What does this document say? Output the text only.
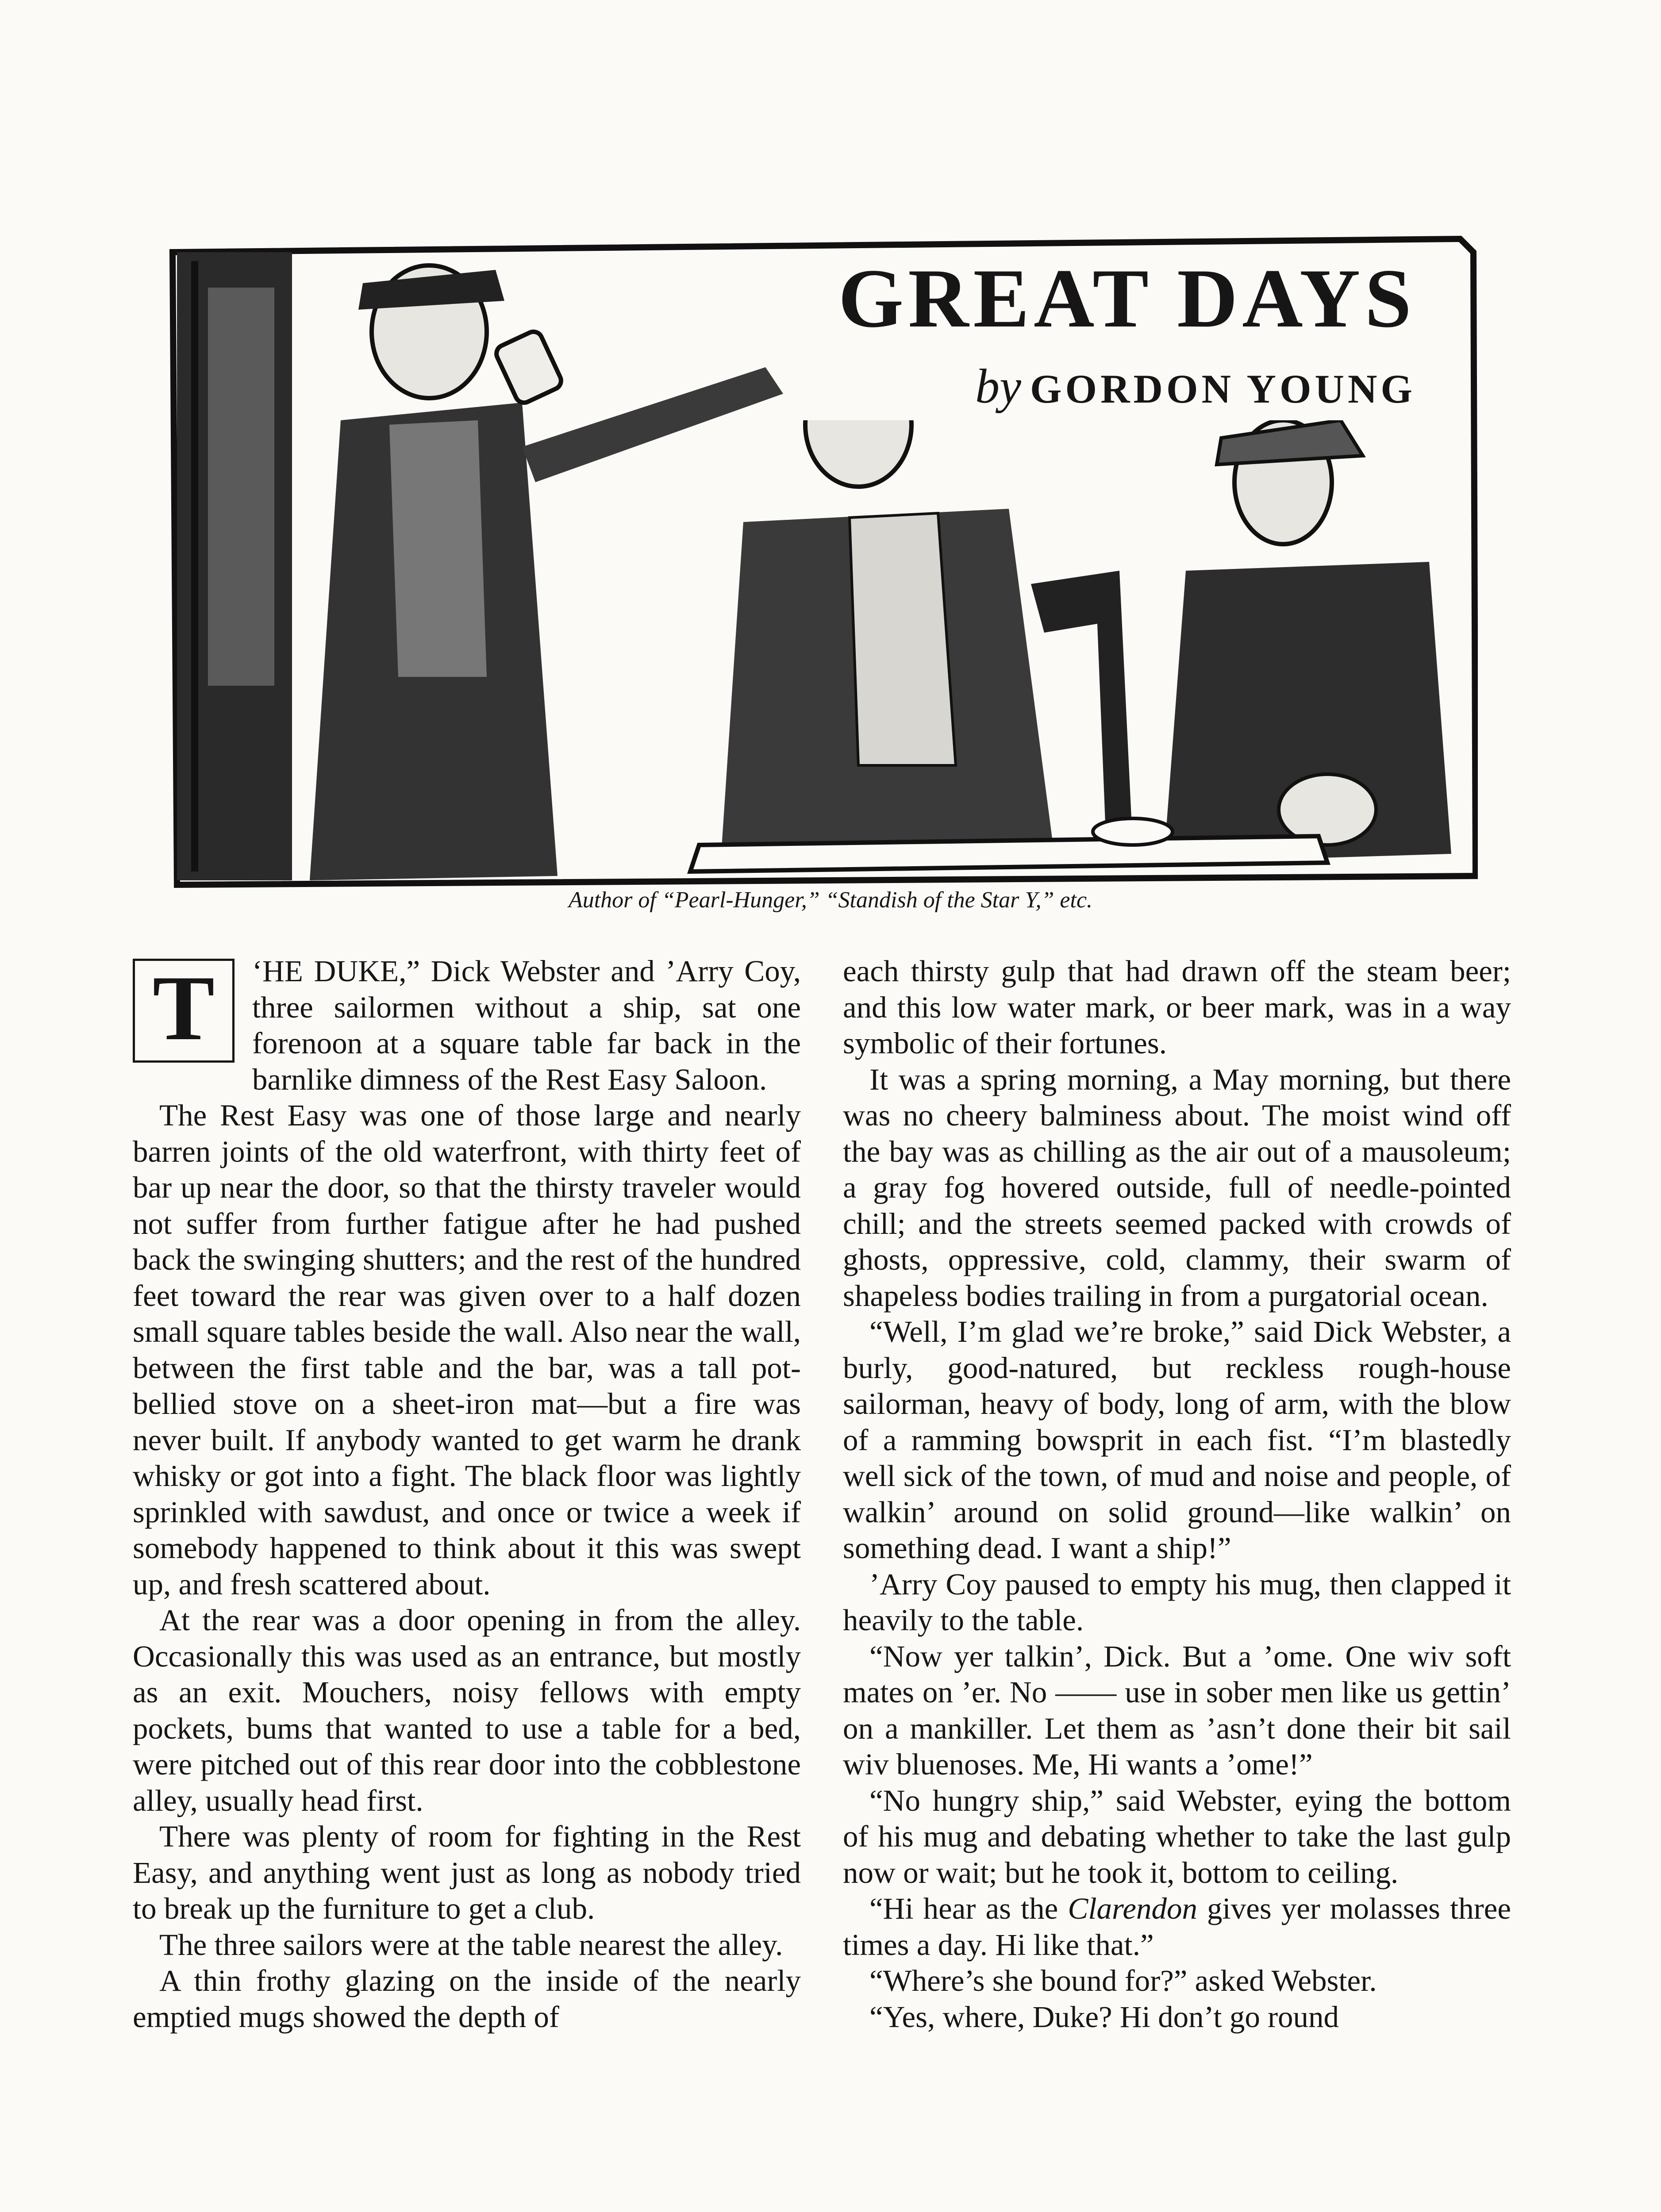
GREAT DAYS
by GORDON YOUNG
Author of “Pearl-Hunger,” “Standish of the Star Y,” etc.
T	‘HE DUKE,” Dick Webster and ’Arry Coy, three sailormen without a ship, sat one forenoon at a square table far back in the barnlike dimness of the Rest Easy Saloon.

The Rest Easy was one of those large and nearly barren joints of the old waterfront, with thirty feet of bar up near the door, so that the thirsty traveler would not suffer from further fatigue after he had pushed back the swinging shutters; and the rest of the hundred feet toward the rear was given over to a half dozen small square tables beside the wall. Also near the wall, between the first table and the bar, was a tall pot-bellied stove on a sheet-iron mat—but a fire was never built. If anybody wanted to get warm he drank whisky or got into a fight. The black floor was lightly sprinkled with sawdust, and once or twice a week if somebody happened to think about it this was swept up, and fresh scattered about.

At the rear was a door opening in from the alley. Occasionally this was used as an entrance, but mostly as an exit. Mouchers, noisy fellows with empty pockets, bums that wanted to use a table for a bed, were pitched out of this rear door into the cobblestone alley, usually head first.

There was plenty of room for fighting in the Rest Easy, and anything went just as long as nobody tried to break up the furniture to get a club.

The three sailors were at the table nearest the alley.

A thin frothy glazing on the inside of the nearly emptied mugs showed the depth of

each thirsty gulp that had drawn off the steam beer; and this low water mark, or beer mark, was in a way symbolic of their fortunes.

It was a spring morning, a May morning, but there was no cheery balminess about. The moist wind off the bay was as chilling as the air out of a mausoleum; a gray fog hovered outside, full of needle-pointed chill; and the streets seemed packed with crowds of ghosts, oppressive, cold, clammy, their swarm of shapeless bodies trailing in from a purgatorial ocean.

“Well, I’m glad we’re broke,” said Dick Webster, a burly, good-natured, but reckless rough-house sailorman, heavy of body, long of arm, with the blow of a ramming bowsprit in each fist. “I’m blastedly well sick of the town, of mud and noise and people, of walkin’ around on solid ground—like walkin’ on something dead. I want a ship!”

’Arry Coy paused to empty his mug, then clapped it heavily to the table.

“Now yer talkin’, Dick. But a ’ome. One wiv soft mates on ’er. No —— use in sober men like us gettin’ on a mankiller. Let them as ’asn’t done their bit sail wiv bluenoses. Me, Hi wants a ’ome!”

“No hungry ship,” said Webster, eying the bottom of his mug and debating whether to take the last gulp now or wait; but he took it, bottom to ceiling.

“Hi hear as the Clarendon gives yer molasses three times a day. Hi like that.”

“Where’s she bound for?” asked Webster.

“Yes, where, Duke? Hi don’t go round
